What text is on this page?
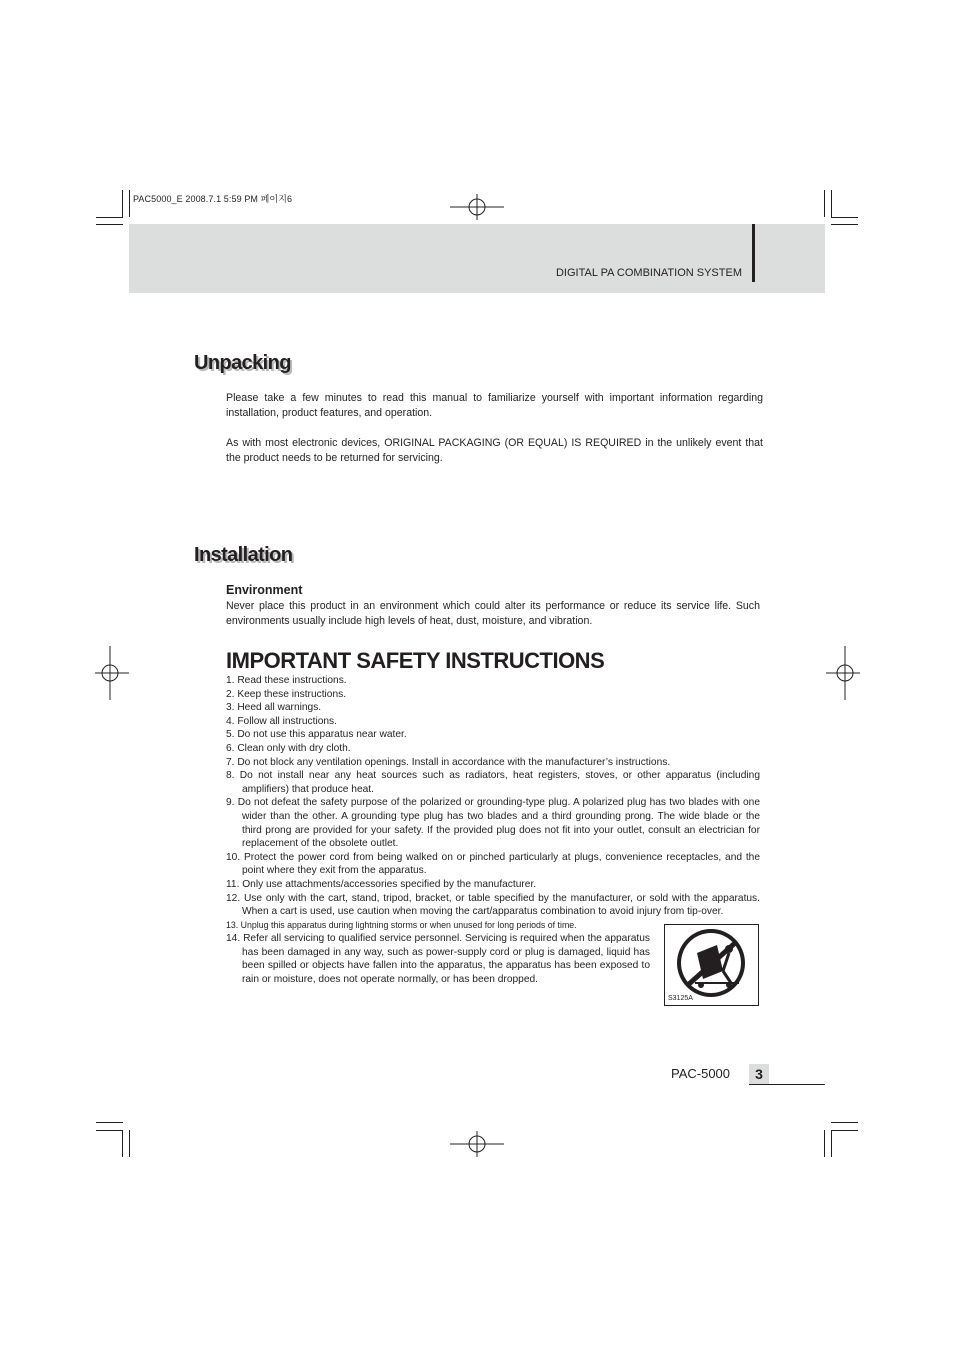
PAC5000_E 2008.7.1 5:59 PM 페이지6
DIGITAL PA COMBINATION SYSTEM
Unpacking
Please take a few minutes to read this manual to familiarize yourself with important information regarding installation, product features, and operation.
As with most electronic devices, ORIGINAL PACKAGING (OR EQUAL) IS REQUIRED in the unlikely event that the product needs to be returned for servicing.
Installation
Environment
Never place this product in an environment which could alter its performance or reduce its service life. Such environments usually include high levels of heat, dust, moisture, and vibration.
IMPORTANT SAFETY INSTRUCTIONS
1. Read these instructions.
2. Keep these instructions.
3. Heed all warnings.
4. Follow all instructions.
5. Do not use this apparatus near water.
6. Clean only with dry cloth.
7. Do not block any ventilation openings. Install in accordance with the manufacturer’s instructions.
8. Do not install near any heat sources such as radiators, heat registers, stoves, or other apparatus (including amplifiers) that produce heat.
9. Do not defeat the safety purpose of the polarized or grounding-type plug. A polarized plug has two blades with one wider than the other. A grounding type plug has two blades and a third grounding prong. The wide blade or the third prong are provided for your safety. If the provided plug does not fit into your outlet, consult an electrician for replacement of the obsolete outlet.
10. Protect the power cord from being walked on or pinched particularly at plugs, convenience receptacles, and the point where they exit from the apparatus.
11. Only use attachments/accessories specified by the manufacturer.
12. Use only with the cart, stand, tripod, bracket, or table specified by the manufacturer, or sold with the apparatus. When a cart is used, use caution when moving the cart/apparatus combination to avoid injury from tip-over.
13. Unplug this apparatus during lightning storms or when unused for long periods of time.
14. Refer all servicing to qualified service personnel. Servicing is required when the apparatus has been damaged in any way, such as power-supply cord or plug is damaged, liquid has been spilled or objects have fallen into the apparatus, the apparatus has been exposed to rain or moisture, does not operate normally, or has been dropped.
S3125A
PAC-5000	3
